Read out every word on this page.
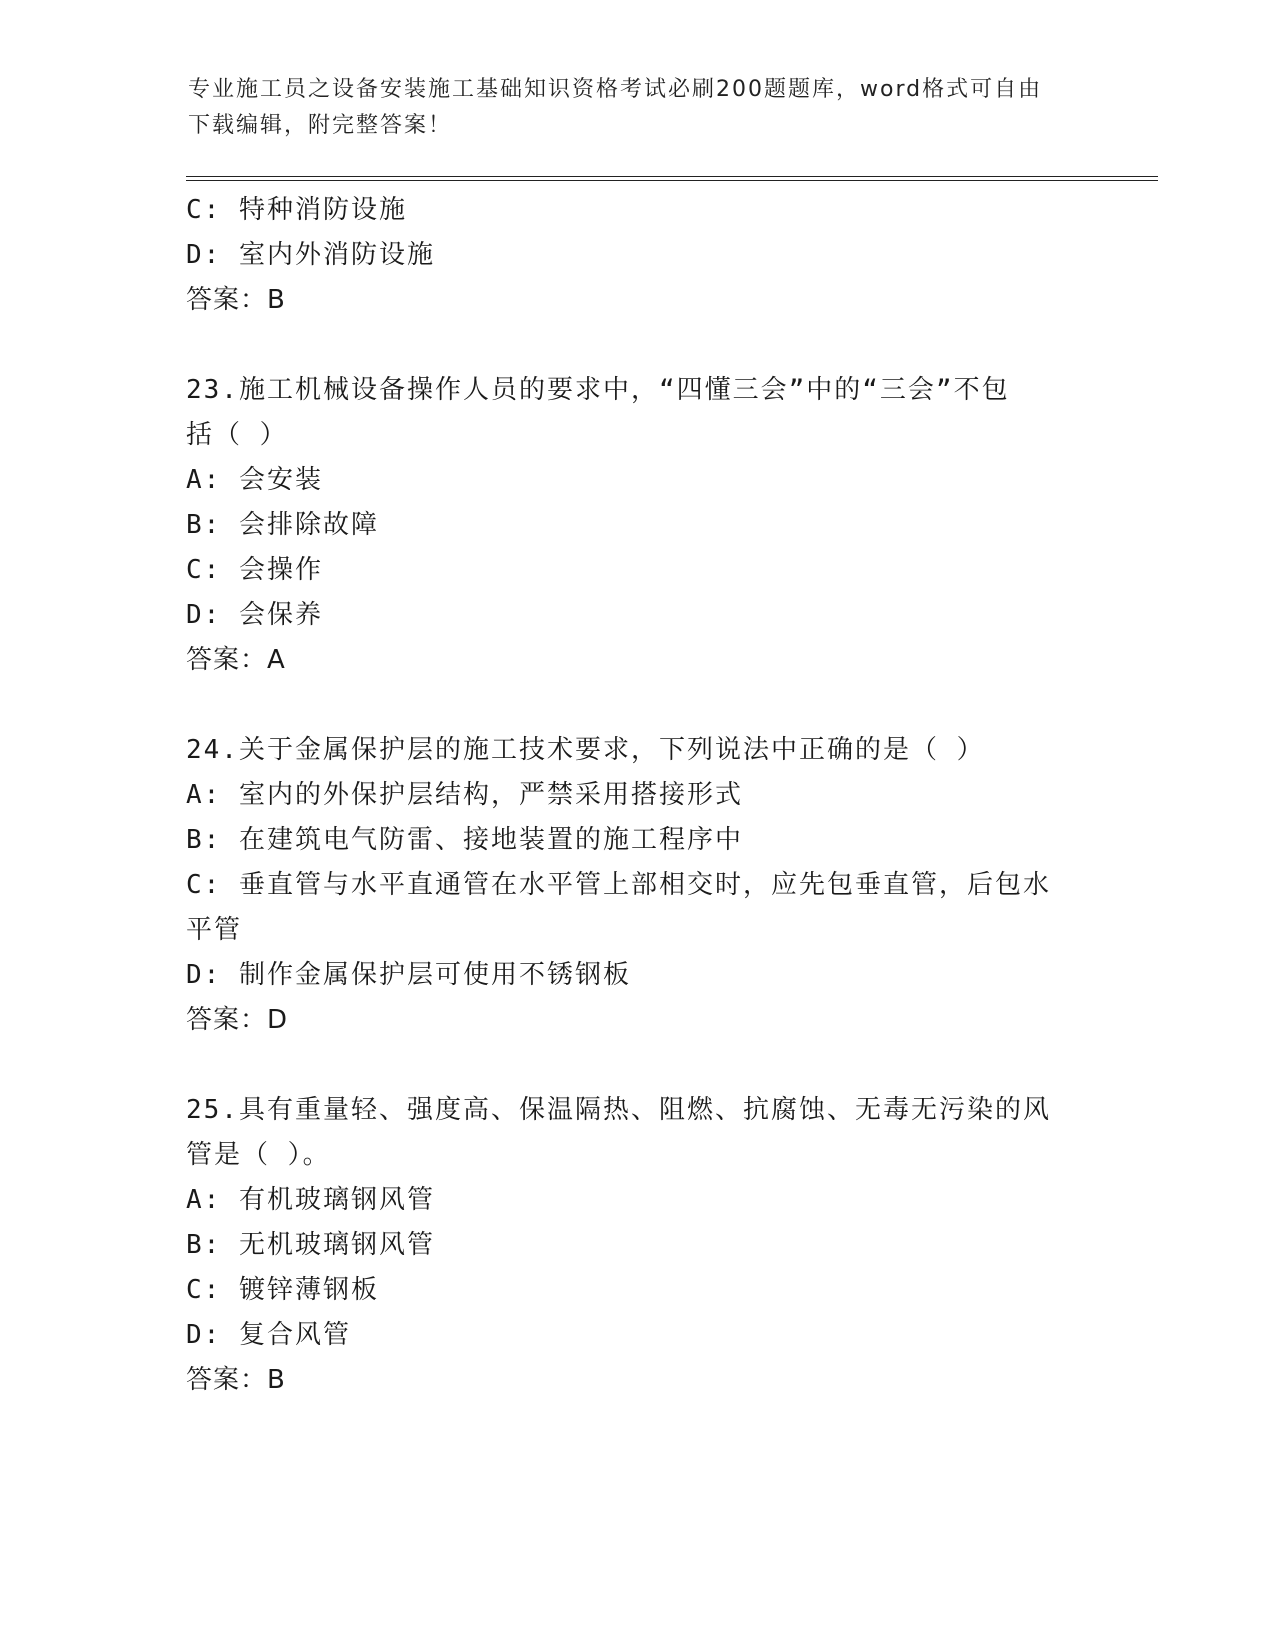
专业施工员之设备安装施工基础知识资格考试必刷200题题库，word格式可自由
下载编辑，附完整答案！
C: 特种消防设施
D: 室内外消防设施
答案：B
23.施工机械设备操作人员的要求中，“四懂三会”中的“三会”不包
括（ ）
A: 会安装
B: 会排除故障
C: 会操作
D: 会保养
答案：A
24.关于金属保护层的施工技术要求，下列说法中正确的是（ ）
A: 室内的外保护层结构，严禁采用搭接形式
B: 在建筑电气防雷、接地装置的施工程序中
C: 垂直管与水平直通管在水平管上部相交时，应先包垂直管，后包水
平管
D: 制作金属保护层可使用不锈钢板
答案：D
25.具有重量轻、强度高、保温隔热、阻燃、抗腐蚀、无毒无污染的风
管是（ ）。
A: 有机玻璃钢风管
B: 无机玻璃钢风管
C: 镀锌薄钢板
D: 复合风管
答案：B
